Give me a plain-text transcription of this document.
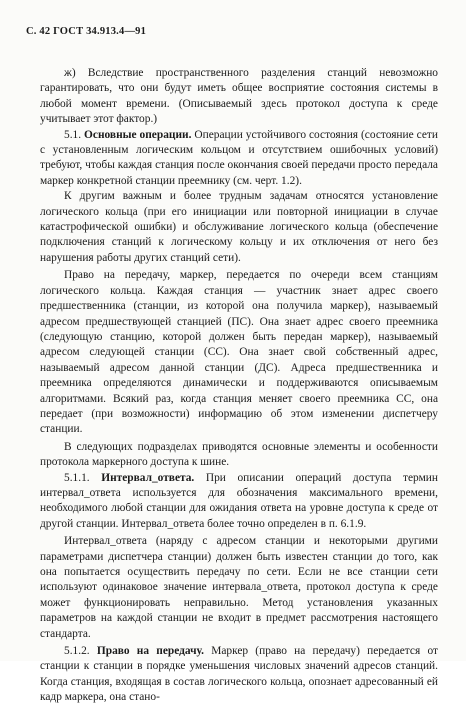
С. 42 ГОСТ 34.913.4—91

ж) Вследствие пространственного разделения станций невозможно гарантировать, что они будут иметь общее восприятие состояния системы в любой момент времени. (Описываемый здесь протокол доступа к среде учитывает этот фактор.)

5.1. Основные операции. Операции устойчивого состояния (состояние сети с установленным логическим кольцом и отсутствием ошибочных условий) требуют, чтобы каждая станция после окончания своей передачи просто передала маркер конкретной станции преемнику (см. черт. 1.2).

К другим важным и более трудным задачам относятся установление логического кольца (при его инициации или повторной инициации в случае катастрофической ошибки) и обслуживание логического кольца (обеспечение подключения станций к логическому кольцу и их отключения от него без нарушения работы других станций сети).

Право на передачу, маркер, передается по очереди всем станциям логического кольца. Каждая станция — участник знает адрес своего предшественника (станции, из которой она получила маркер), называемый адресом предшествующей станцией (ПС). Она знает адрес своего преемника (следующую станцию, которой должен быть передан маркер), называемый адресом следующей станции (СС). Она знает свой собственный адрес, называемый адресом данной станции (ДС). Адреса предшественника и преемника определяются динамически и поддерживаются описываемым алгоритмами. Всякий раз, когда станция меняет своего преемника СС, она передает (при возможности) информацию об этом изменении диспетчеру станции.

В следующих подразделах приводятся основные элементы и особенности протокола маркерного доступа к шине.

5.1.1. Интервал_ответа. При описании операций доступа термин интервал_ответа используется для обозначения максимального времени, необходимого любой станции для ожидания ответа на уровне доступа к среде от другой станции. Интервал_ответа более точно определен в п. 6.1.9.

Интервал_ответа (наряду с адресом станции и некоторыми другими параметрами диспетчера станции) должен быть известен станции до того, как она попытается осуществить передачу по сети. Если не все станции сети используют одинаковое значение интервала_ответа, протокол доступа к среде может функционировать неправильно. Метод установления указанных параметров на каждой станции не входит в предмет рассмотрения настоящего стандарта.

5.1.2. Право на передачу. Маркер (право на передачу) передается от станции к станции в порядке уменьшения числовых значений адресов станций. Когда станция, входящая в состав логического кольца, опознает адресованный ей кадр маркера, она стано-
